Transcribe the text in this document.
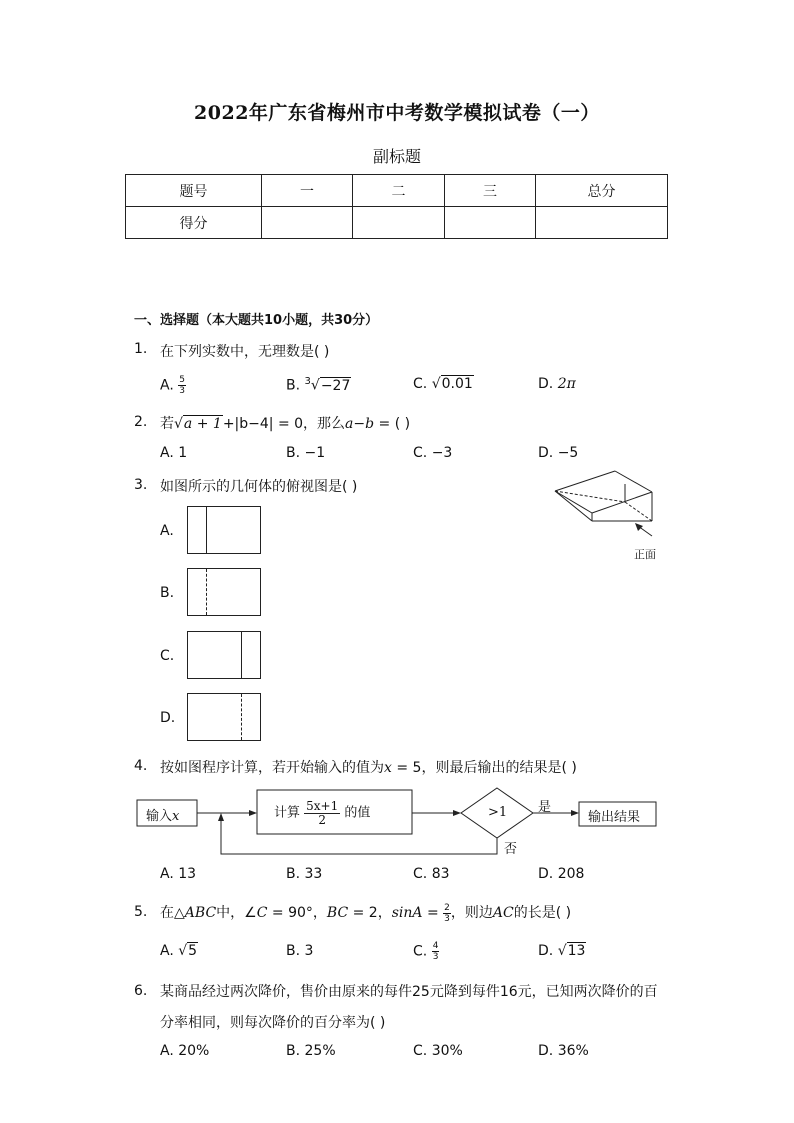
2022年广东省梅州市中考数学模拟试卷（一）
副标题
题号	一	二	三	总分
得分				
一、选择题（本大题共10小题，共30分）
1. 在下列实数中，无理数是( )
A. $\frac{5}{3}$	B. $^3$√−27	C. √0.01	D. 2π
2. 若√a + 1+|b−4| = 0，那么a−b = ( )
A. 1	B. −1	C. −3	D. −5
3. 如图所示的几何体的俯视图是( )
正面
A.
B.
C.
D.
4. 按如图程序计算，若开始输入的值为x = 5，则最后输出的结果是( )
输入x	计算 $\frac{5x+1}{2}$ 的值	>1 是
否
输出结果
A. 13	B. 33	C. 83	D. 208
5. 在△ABC中，∠C = 90°，BC = 2，$\sin A = \frac{2}{3}$ ，则边AC的长是( )
A. √5	B. 3	C. $\frac{4}{3}$	D. √13
6. 某商品经过两次降价，售价由原来的每件25元降到每件16元，已知两次降价的百
分率相同，则每次降价的百分率为( )
A. 20%	B. 25%	C. 30%	D. 36%
